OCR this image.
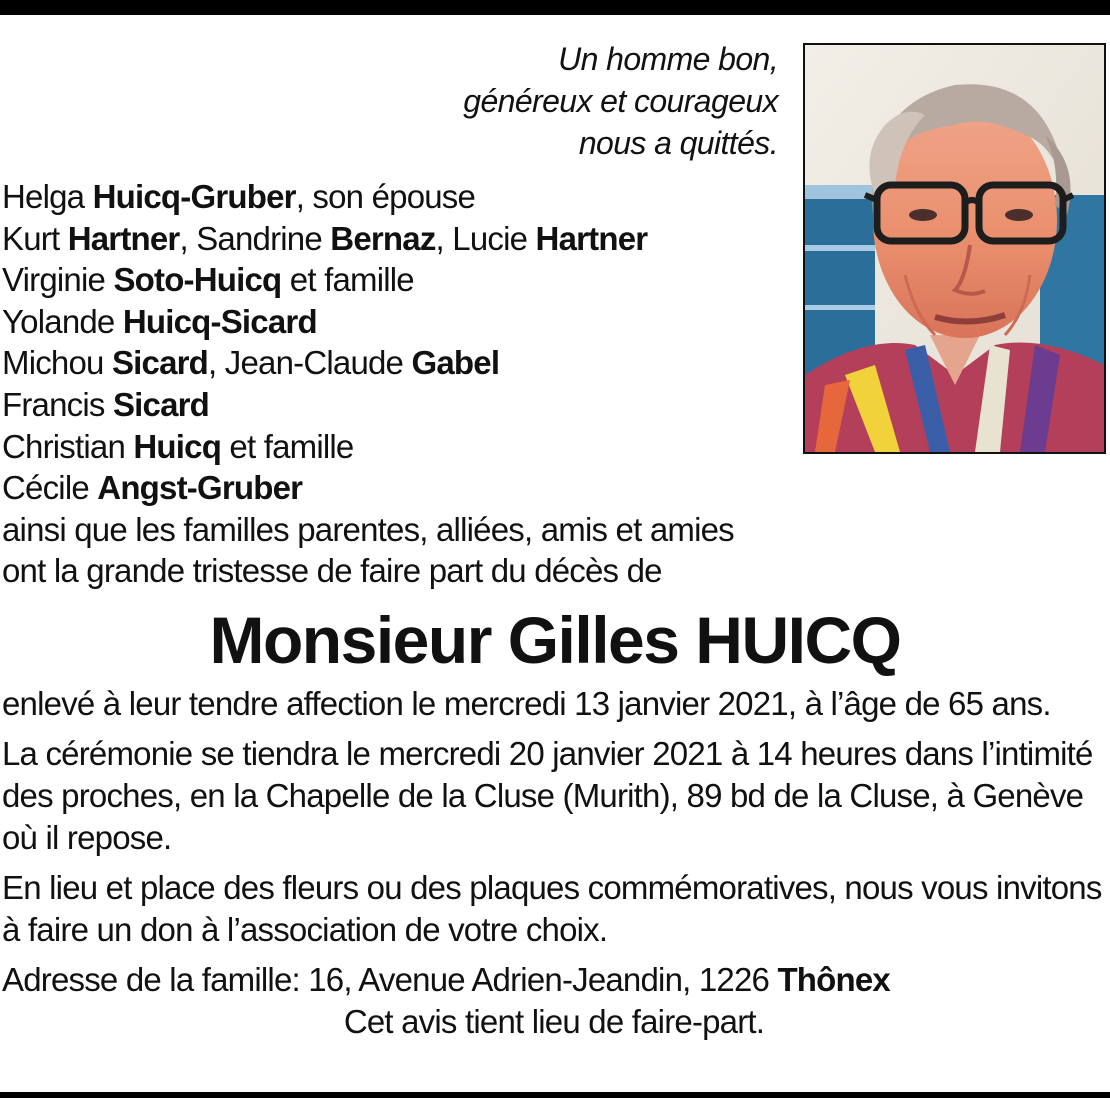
Un homme bon,
généreux et courageux
nous a quittés.
Helga Huicq-Gruber, son épouse
Kurt Hartner, Sandrine Bernaz, Lucie Hartner
Virginie Soto-Huicq et famille
Yolande Huicq-Sicard
Michou Sicard, Jean-Claude Gabel
Francis Sicard
Christian Huicq et famille
Cécile Angst-Gruber
ainsi que les familles parentes, alliées, amis et amies
ont la grande tristesse de faire part du décès de
Monsieur Gilles HUICQ

enlevé à leur tendre affection le mercredi 13 janvier 2021, à l’âge de 65 ans.

La cérémonie se tiendra le mercredi 20 janvier 2021 à 14 heures dans l’intimité des proches, en la Chapelle de la Cluse (Murith), 89 bd de la Cluse, à Genève où il repose.

En lieu et place des fleurs ou des plaques commémoratives, nous vous invitons à faire un don à l’association de votre choix.

Adresse de la famille: 16, Avenue Adrien-Jeandin, 1226 Thônex

Cet avis tient lieu de faire-part.
